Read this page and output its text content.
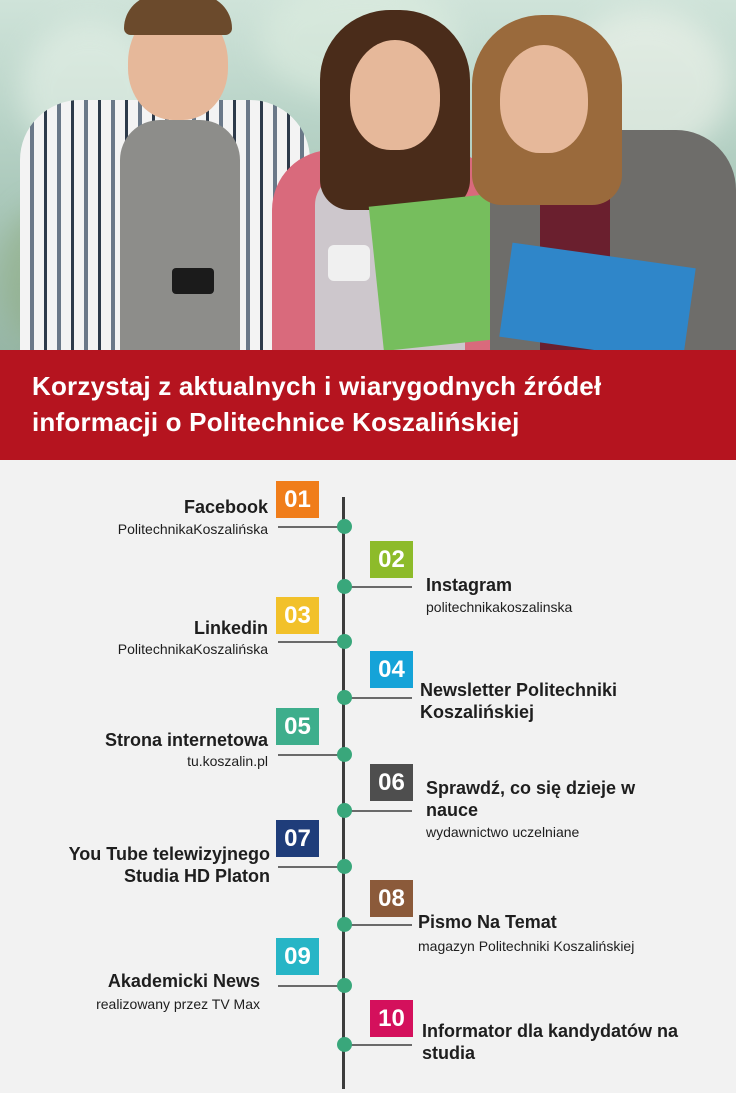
Korzystaj z aktualnych i wiarygodnych źródeł informacji o Politechnice Koszalińskiej
01
Facebook
PolitechnikaKoszalińska
02
Instagram
politechnikakoszalinska
03
Linkedin
PolitechnikaKoszalińska
04
Newsletter Politechniki Koszalińskiej
05
Strona internetowa
tu.koszalin.pl
06	Sprawdź, co się dzieje w nauce
wydawnictwo uczelniane
07
You Tube telewizyjnego Studia HD Platon
08
Pismo Na Temat
magazyn Politechniki Koszalińskiej
09
Akademicki News
realizowany przez TV Max
10 Informator dla kandydatów na studia
